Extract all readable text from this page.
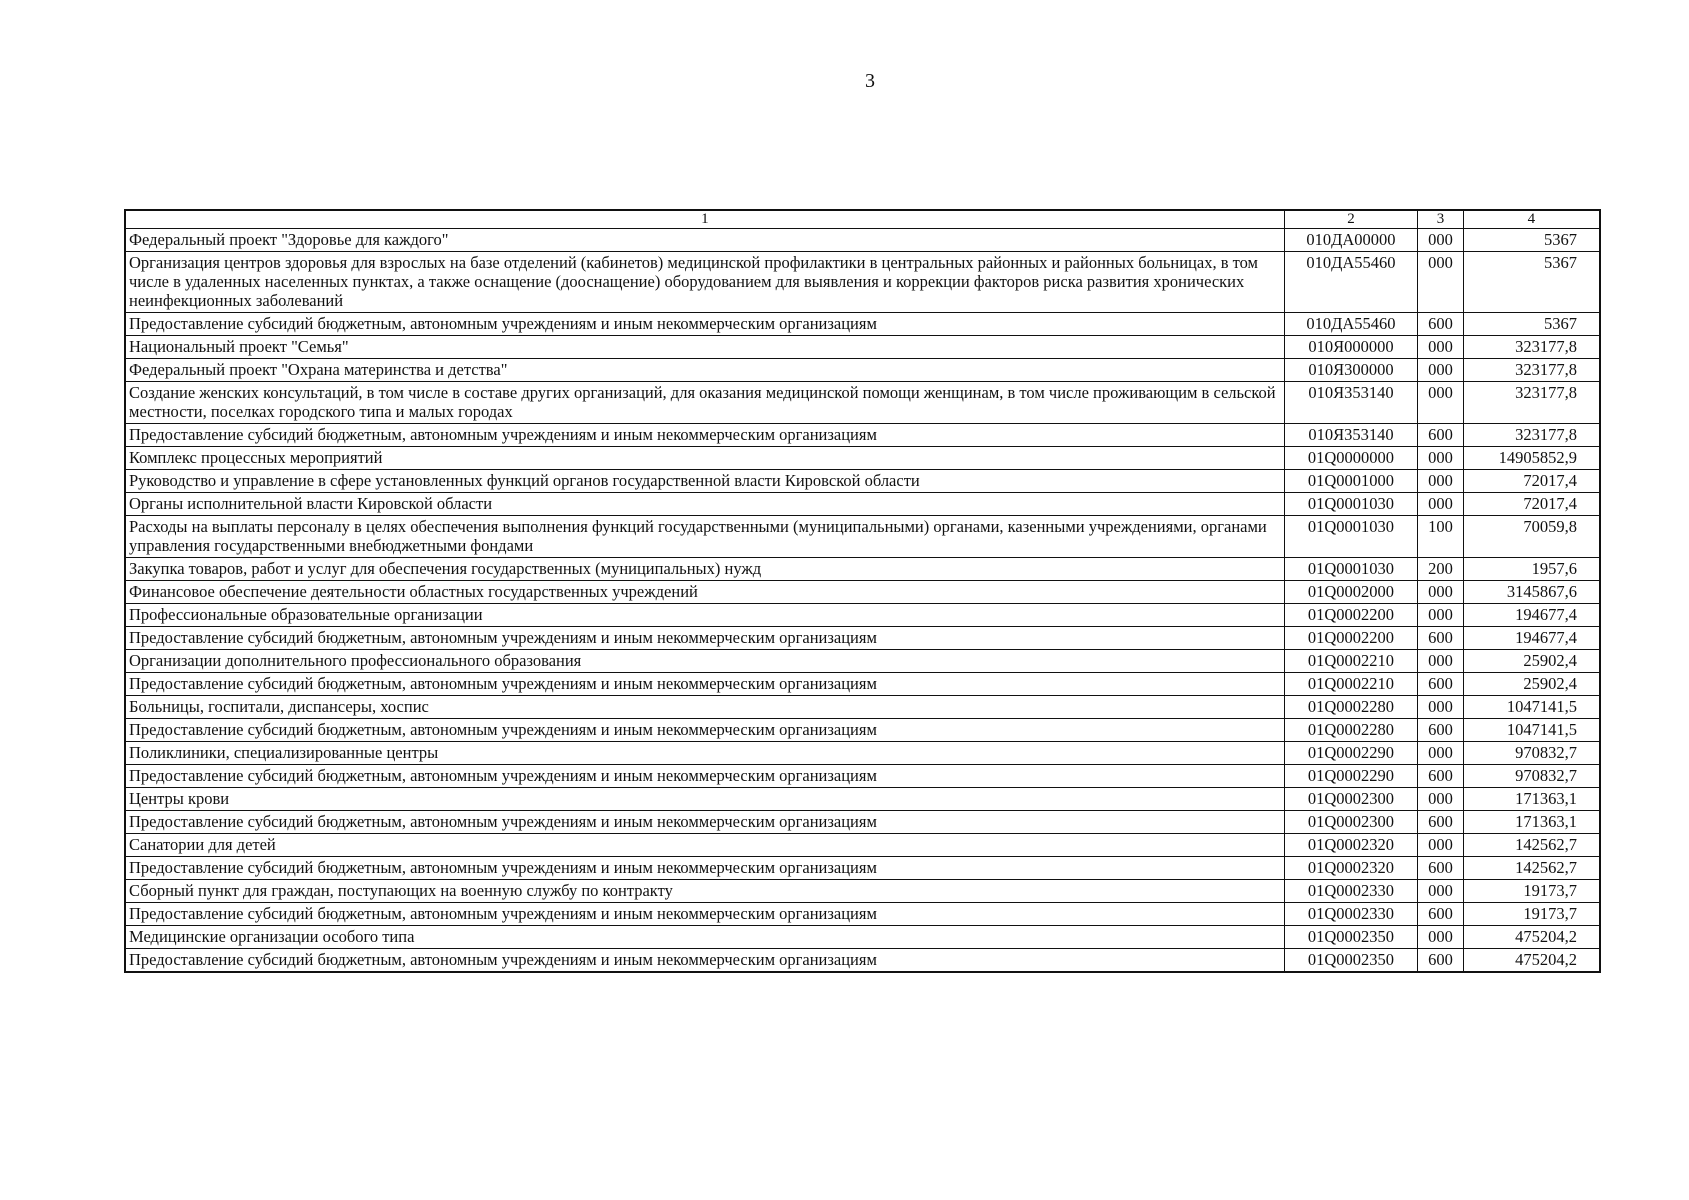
3
1	2	3	4
Федеральный проект "Здоровье для каждого"	010ДА00000	000	5367
Организация центров здоровья для взрослых на базе отделений (кабинетов) медицинской профилактики в центральных районных и районных больницах, в том числе в удаленных населенных пунктах, а также оснащение (дооснащение) оборудованием для выявления и коррекции факторов риска развития хронических неинфекционных заболеваний	010ДА55460	000	5367
Предоставление субсидий бюджетным, автономным учреждениям и иным некоммерческим организациям	010ДА55460	600	5367
Национальный проект "Семья"	010Я000000	000	323177,8
Федеральный проект "Охрана материнства и детства"	010Я300000	000	323177,8
Создание женских консультаций, в том числе в составе других организаций, для оказания медицинской помощи женщинам, в том числе проживающим в сельской местности, поселках городского типа и малых городах	010Я353140	000	323177,8
Предоставление субсидий бюджетным, автономным учреждениям и иным некоммерческим организациям	010Я353140	600	323177,8
Комплекс процессных мероприятий	01Q0000000	000	14905852,9
Руководство и управление в сфере установленных функций органов государственной власти Кировской области	01Q0001000	000	72017,4
Органы исполнительной власти Кировской области	01Q0001030	000	72017,4
Расходы на выплаты персоналу в целях обеспечения выполнения функций государственными (муниципальными) органами, казенными учреждениями, органами управления государственными внебюджетными фондами	01Q0001030	100	70059,8
Закупка товаров, работ и услуг для обеспечения государственных (муниципальных) нужд	01Q0001030	200	1957,6
Финансовое обеспечение деятельности областных государственных учреждений	01Q0002000	000	3145867,6
Профессиональные образовательные организации	01Q0002200	000	194677,4
Предоставление субсидий бюджетным, автономным учреждениям и иным некоммерческим организациям	01Q0002200	600	194677,4
Организации дополнительного профессионального образования	01Q0002210	000	25902,4
Предоставление субсидий бюджетным, автономным учреждениям и иным некоммерческим организациям	01Q0002210	600	25902,4
Больницы, госпитали, диспансеры, хоспис	01Q0002280	000	1047141,5
Предоставление субсидий бюджетным, автономным учреждениям и иным некоммерческим организациям	01Q0002280	600	1047141,5
Поликлиники, специализированные центры	01Q0002290	000	970832,7
Предоставление субсидий бюджетным, автономным учреждениям и иным некоммерческим организациям	01Q0002290	600	970832,7
Центры крови	01Q0002300	000	171363,1
Предоставление субсидий бюджетным, автономным учреждениям и иным некоммерческим организациям	01Q0002300	600	171363,1
Санатории для детей	01Q0002320	000	142562,7
Предоставление субсидий бюджетным, автономным учреждениям и иным некоммерческим организациям	01Q0002320	600	142562,7
Сборный пункт для граждан, поступающих на военную службу по контракту	01Q0002330	000	19173,7
Предоставление субсидий бюджетным, автономным учреждениям и иным некоммерческим организациям	01Q0002330	600	19173,7
Медицинские организации особого типа	01Q0002350	000	475204,2
Предоставление субсидий бюджетным, автономным учреждениям и иным некоммерческим организациям	01Q0002350	600	475204,2
